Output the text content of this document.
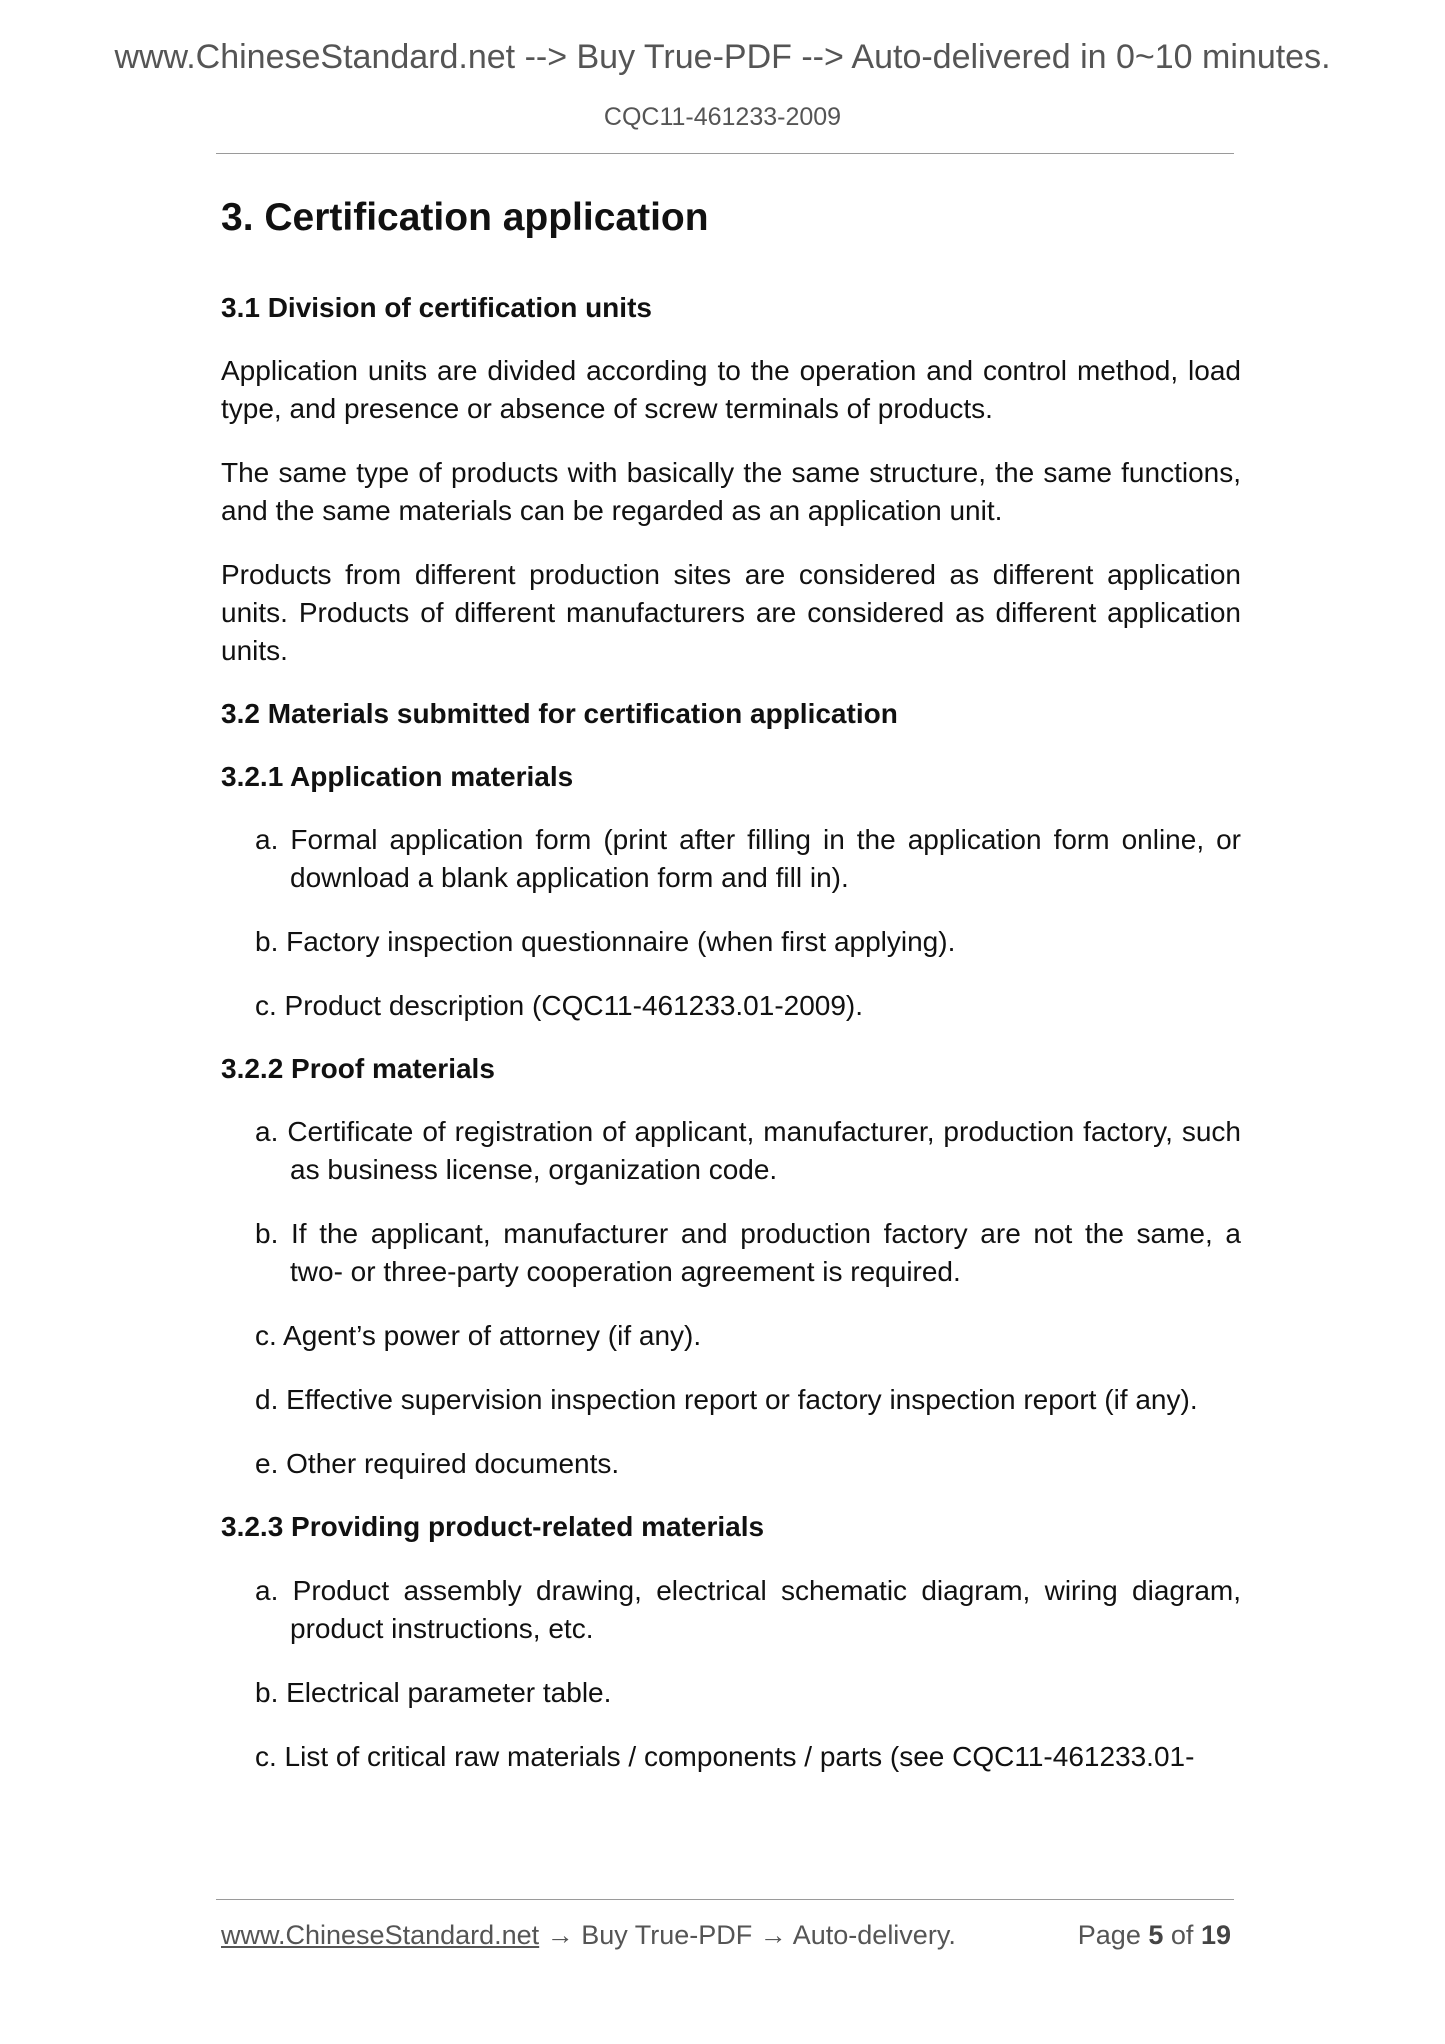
www.ChineseStandard.net --> Buy True-PDF --> Auto-delivered in 0~10 minutes.
CQC11-461233-2009
3. Certification application
3.1 Division of certification units
Application units are divided according to the operation and control method, load type, and presence or absence of screw terminals of products.
The same type of products with basically the same structure, the same functions, and the same materials can be regarded as an application unit.
Products from different production sites are considered as different application units. Products of different manufacturers are considered as different application units.
3.2 Materials submitted for certification application
3.2.1 Application materials
a. Formal application form (print after filling in the application form online, or download a blank application form and fill in).
b. Factory inspection questionnaire (when first applying).
c. Product description (CQC11-461233.01-2009).
3.2.2 Proof materials
a. Certificate of registration of applicant, manufacturer, production factory, such as business license, organization code.
b. If the applicant, manufacturer and production factory are not the same, a two- or three-party cooperation agreement is required.
c. Agent’s power of attorney (if any).
d. Effective supervision inspection report or factory inspection report (if any).
e. Other required documents.
3.2.3 Providing product-related materials
a. Product assembly drawing, electrical schematic diagram, wiring diagram, product instructions, etc.
b. Electrical parameter table.
c. List of critical raw materials / components / parts (see CQC11-461233.01-
www.ChineseStandard.net → Buy True-PDF → Auto-delivery.	Page 5 of 19
